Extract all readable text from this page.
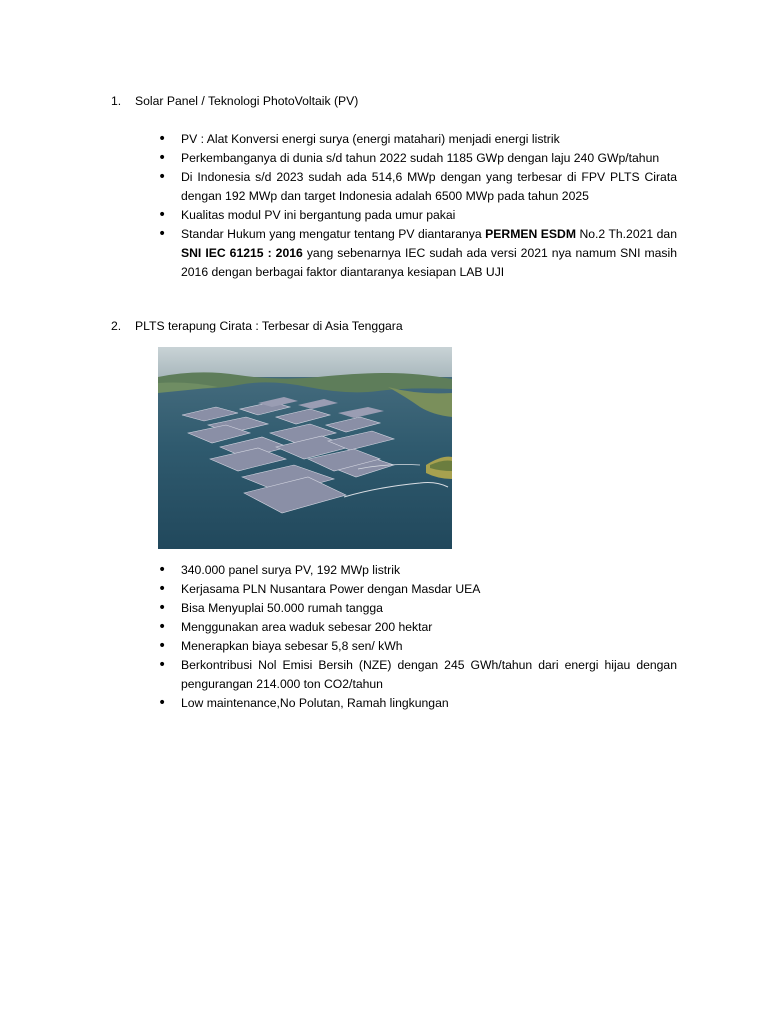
1.	Solar Panel / Teknologi PhotoVoltaik (PV)
• PV : Alat Konversi energi surya (energi matahari) menjadi energi listrik
• Perkembanganya di dunia s/d tahun 2022 sudah 1185 GWp dengan laju 240 GWp/tahun
• Di Indonesia s/d 2023 sudah ada 514,6 MWp dengan yang terbesar di FPV PLTS Cirata dengan 192 MWp dan target Indonesia adalah 6500 MWp pada tahun 2025
• Kualitas modul PV ini bergantung pada umur pakai
• Standar Hukum yang mengatur tentang PV diantaranya PERMEN ESDM No.2 Th.2021 dan SNI IEC 61215 : 2016 yang sebenarnya IEC sudah ada versi 2021 nya namum SNI masih 2016 dengan berbagai faktor diantaranya kesiapan LAB UJI
2.	PLTS terapung Cirata : Terbesar di Asia Tenggara
• 340.000 panel surya PV, 192 MWp listrik
• Kerjasama PLN Nusantara Power dengan Masdar UEA
• Bisa Menyuplai 50.000 rumah tangga
• Menggunakan area waduk sebesar 200 hektar
• Menerapkan biaya sebesar 5,8 sen/ kWh
• Berkontribusi Nol Emisi Bersih (NZE) dengan 245 GWh/tahun dari energi hijau dengan pengurangan 214.000 ton CO2/tahun
• Low maintenance,No Polutan, Ramah lingkungan
